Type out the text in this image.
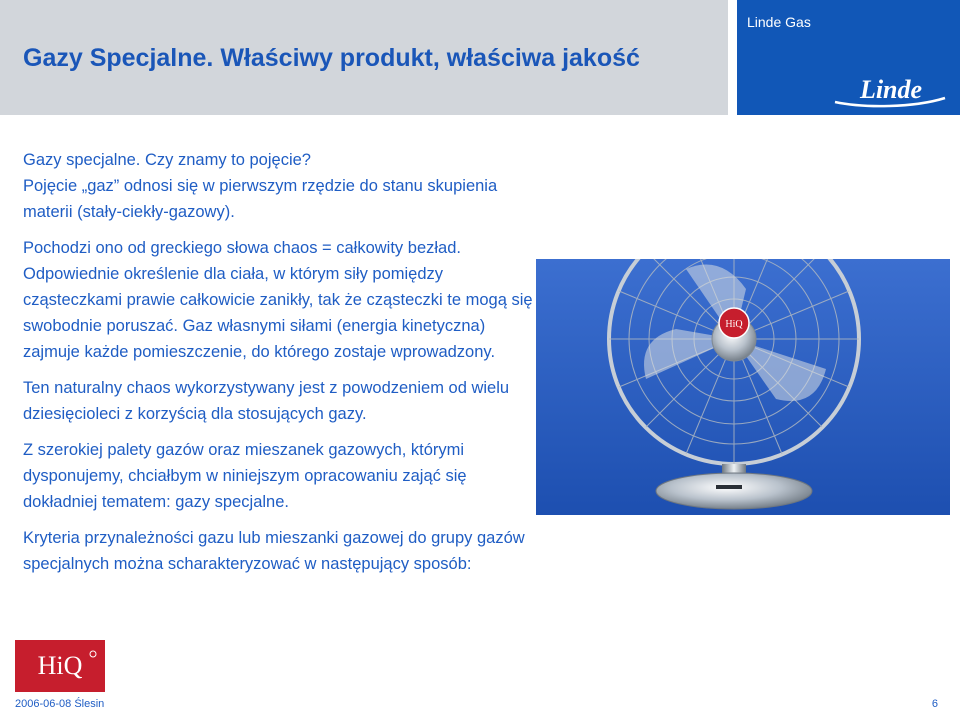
Gazy Specjalne. Właściwy produkt, właściwa jakość
Linde Gas
Linde

Gazy specjalne. Czy znamy to pojęcie?

Pojęcie „gaz” odnosi się w pierwszym rzędzie do stanu skupienia materii (stały-ciekły-gazowy).

Pochodzi ono od greckiego słowa chaos = całkowity bezład. Odpowiednie określenie dla ciała, w którym siły pomiędzy cząsteczkami prawie całkowicie zanikły, tak że cząsteczki te mogą się swobodnie poruszać. Gaz własnymi siłami (energia kinetyczna) zajmuje każde pomieszczenie, do którego zostaje wprowadzony.

Ten naturalny chaos wykorzystywany jest z powodzeniem od wielu dziesięcioleci z korzyścią dla stosujących gazy.

Z szerokiej palety gazów oraz mieszanek gazowych, którymi dysponujemy, chciałbym w niniejszym opracowaniu zająć się dokładniej tematem: gazy specjalne.

Kryteria przynależności gazu lub mieszanki gazowej do grupy gazów specjalnych można scharakteryzować w następujący sposób:

HiQ
HiQ
2006-06-08 Ślesin	6
